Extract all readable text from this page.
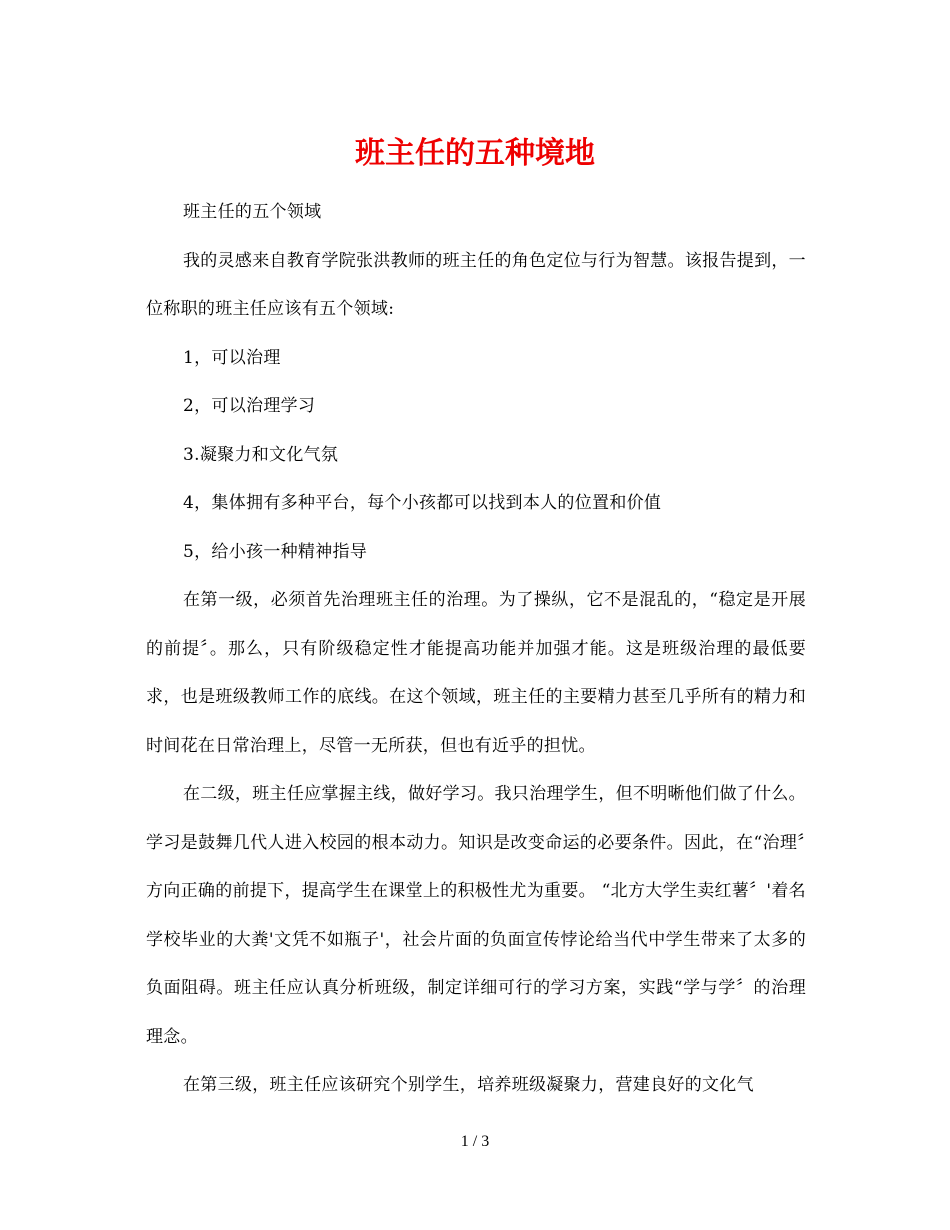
班主任的五种境地

班主任的五个领域

我的灵感来自教育学院张洪教师的班主任的角色定位与行为智慧。该报告提到，一位称职的班主任应该有五个领域:

1，可以治理

2，可以治理学习

3.凝聚力和文化气氛

4，集体拥有多种平台，每个小孩都可以找到本人的位置和价值

5，给小孩一种精神指导

在第一级，必须首先治理班主任的治理。为了操纵，它不是混乱的，“稳定是开展的前提〞。那么，只有阶级稳定性才能提高功能并加强才能。这是班级治理的最低要求，也是班级教师工作的底线。在这个领域，班主任的主要精力甚至几乎所有的精力和时间花在日常治理上，尽管一无所获，但也有近乎的担忧。

在二级，班主任应掌握主线，做好学习。我只治理学生，但不明晰他们做了什么。学习是鼓舞几代人进入校园的根本动力。知识是改变命运的必要条件。因此，在“治理〞方向正确的前提下，提高学生在课堂上的积极性尤为重要。 “北方大学生卖红薯〞'着名学校毕业的大粪'文凭不如瓶子'，社会片面的负面宣传悖论给当代中学生带来了太多的负面阻碍。班主任应认真分析班级，制定详细可行的学习方案，实践“学与学〞的治理理念。

在第三级，班主任应该研究个别学生，培养班级凝聚力，营建良好的文化气

1 / 3
